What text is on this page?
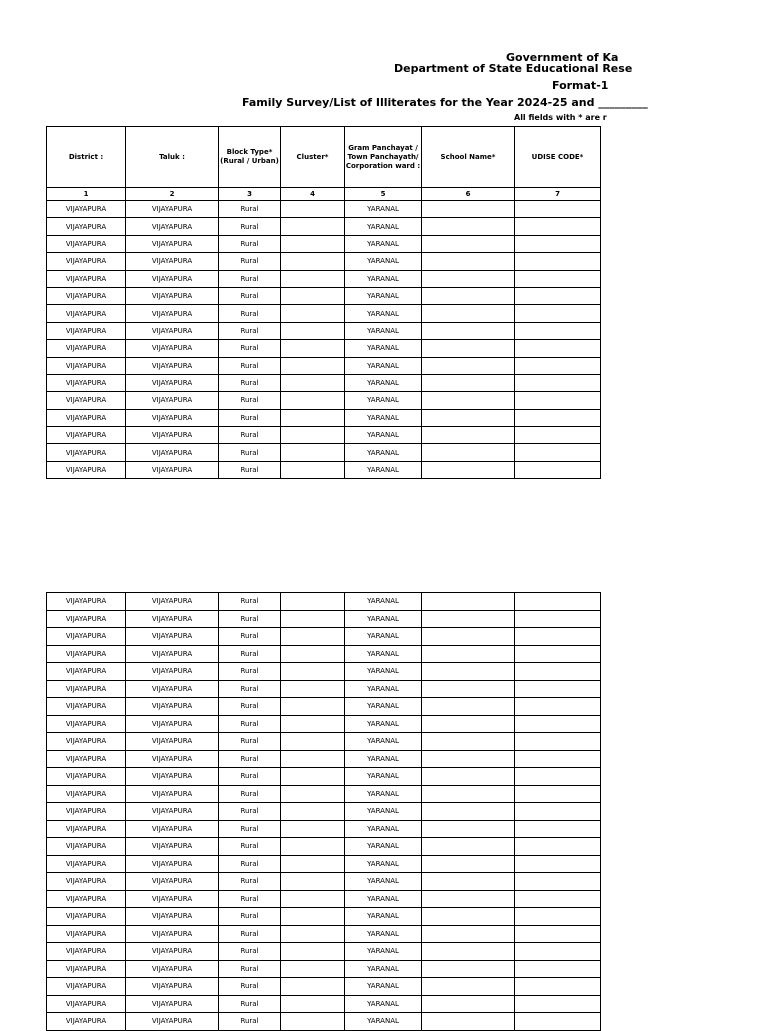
Government of Ka
Department of State Educational Rese
Format-1
Family Survey/List of Illiterates for the Year 2024-25 and _________
All fields with * are r
District :	Taluk :	Block Type* (Rural / Urban)	Cluster*	Gram Panchayat / Town Panchayath/ Corporation ward :	School Name*	UDISE CODE*
1	2	3	4	5	6	7
VIJAYAPURA	VIJAYAPURA	Rural		YARANAL		
VIJAYAPURA	VIJAYAPURA	Rural		YARANAL		
VIJAYAPURA	VIJAYAPURA	Rural		YARANAL		
VIJAYAPURA	VIJAYAPURA	Rural		YARANAL		
VIJAYAPURA	VIJAYAPURA	Rural		YARANAL		
VIJAYAPURA	VIJAYAPURA	Rural		YARANAL		
VIJAYAPURA	VIJAYAPURA	Rural		YARANAL		
VIJAYAPURA	VIJAYAPURA	Rural		YARANAL		
VIJAYAPURA	VIJAYAPURA	Rural		YARANAL		
VIJAYAPURA	VIJAYAPURA	Rural		YARANAL		
VIJAYAPURA	VIJAYAPURA	Rural		YARANAL		
VIJAYAPURA	VIJAYAPURA	Rural		YARANAL		
VIJAYAPURA	VIJAYAPURA	Rural		YARANAL		
VIJAYAPURA	VIJAYAPURA	Rural		YARANAL		
VIJAYAPURA	VIJAYAPURA	Rural		YARANAL		
VIJAYAPURA	VIJAYAPURA	Rural		YARANAL		
VIJAYAPURA	VIJAYAPURA	Rural		YARANAL		
VIJAYAPURA	VIJAYAPURA	Rural		YARANAL		
VIJAYAPURA	VIJAYAPURA	Rural		YARANAL		
VIJAYAPURA	VIJAYAPURA	Rural		YARANAL		
VIJAYAPURA	VIJAYAPURA	Rural		YARANAL		
VIJAYAPURA	VIJAYAPURA	Rural		YARANAL		
VIJAYAPURA	VIJAYAPURA	Rural		YARANAL		
VIJAYAPURA	VIJAYAPURA	Rural		YARANAL		
VIJAYAPURA	VIJAYAPURA	Rural		YARANAL		
VIJAYAPURA	VIJAYAPURA	Rural		YARANAL		
VIJAYAPURA	VIJAYAPURA	Rural		YARANAL		
VIJAYAPURA	VIJAYAPURA	Rural		YARANAL		
VIJAYAPURA	VIJAYAPURA	Rural		YARANAL		
VIJAYAPURA	VIJAYAPURA	Rural		YARANAL		
VIJAYAPURA	VIJAYAPURA	Rural		YARANAL		
VIJAYAPURA	VIJAYAPURA	Rural		YARANAL		
VIJAYAPURA	VIJAYAPURA	Rural		YARANAL		
VIJAYAPURA	VIJAYAPURA	Rural		YARANAL		
VIJAYAPURA	VIJAYAPURA	Rural		YARANAL		
VIJAYAPURA	VIJAYAPURA	Rural		YARANAL		
VIJAYAPURA	VIJAYAPURA	Rural		YARANAL		
VIJAYAPURA	VIJAYAPURA	Rural		YARANAL		
VIJAYAPURA	VIJAYAPURA	Rural		YARANAL		
VIJAYAPURA	VIJAYAPURA	Rural		YARANAL		
VIJAYAPURA	VIJAYAPURA	Rural		YARANAL		
